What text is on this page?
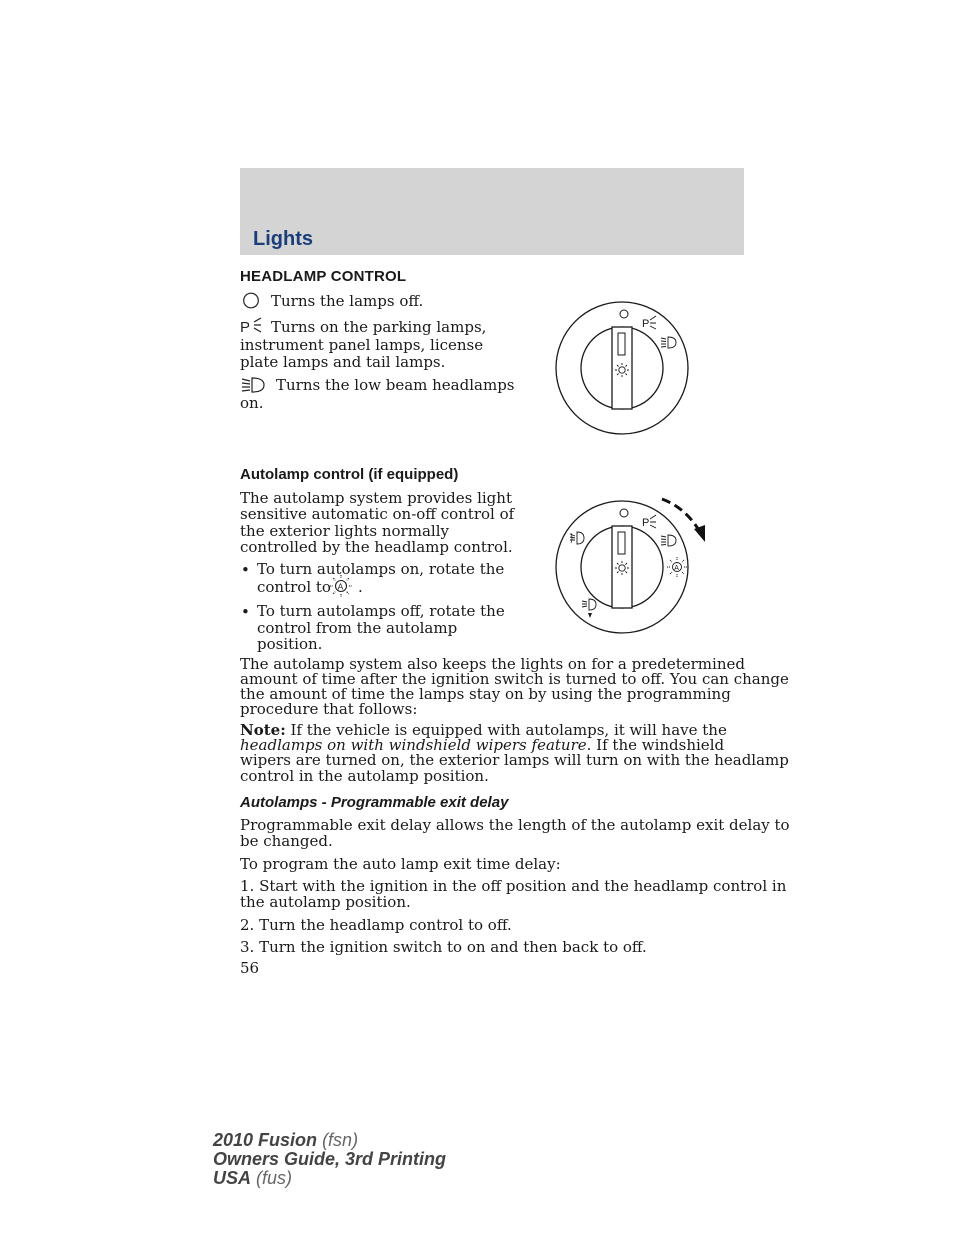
Lights
HEADLAMP CONTROL
Turns the lamps off.
P Turns on the parking lamps,
instrument panel lamps, license
plate lamps and tail lamps.
Turns the low beam headlamps
on.
P
Autolamp control (if equipped)
The autolamp system provides light
sensitive automatic on-off control of
the exterior lights normally
controlled by the headlamp control.
• To turn autolamps on, rotate the
control to A .
• To turn autolamps off, rotate the
control from the autolamp
position.
P
A
The autolamp system also keeps the lights on for a predetermined
amount of time after the ignition switch is turned to off. You can change
the amount of time the lamps stay on by using the programming
procedure that follows:
Note: If the vehicle is equipped with autolamps, it will have the
headlamps on with windshield wipers feature. If the windshield
wipers are turned on, the exterior lamps will turn on with the headlamp
control in the autolamp position.
Autolamps - Programmable exit delay
Programmable exit delay allows the length of the autolamp exit delay to
be changed.
To program the auto lamp exit time delay:
1. Start with the ignition in the off position and the headlamp control in
the autolamp position.
2. Turn the headlamp control to off.
3. Turn the ignition switch to on and then back to off.
56
2010 Fusion (fsn)
Owners Guide, 3rd Printing
USA (fus)
